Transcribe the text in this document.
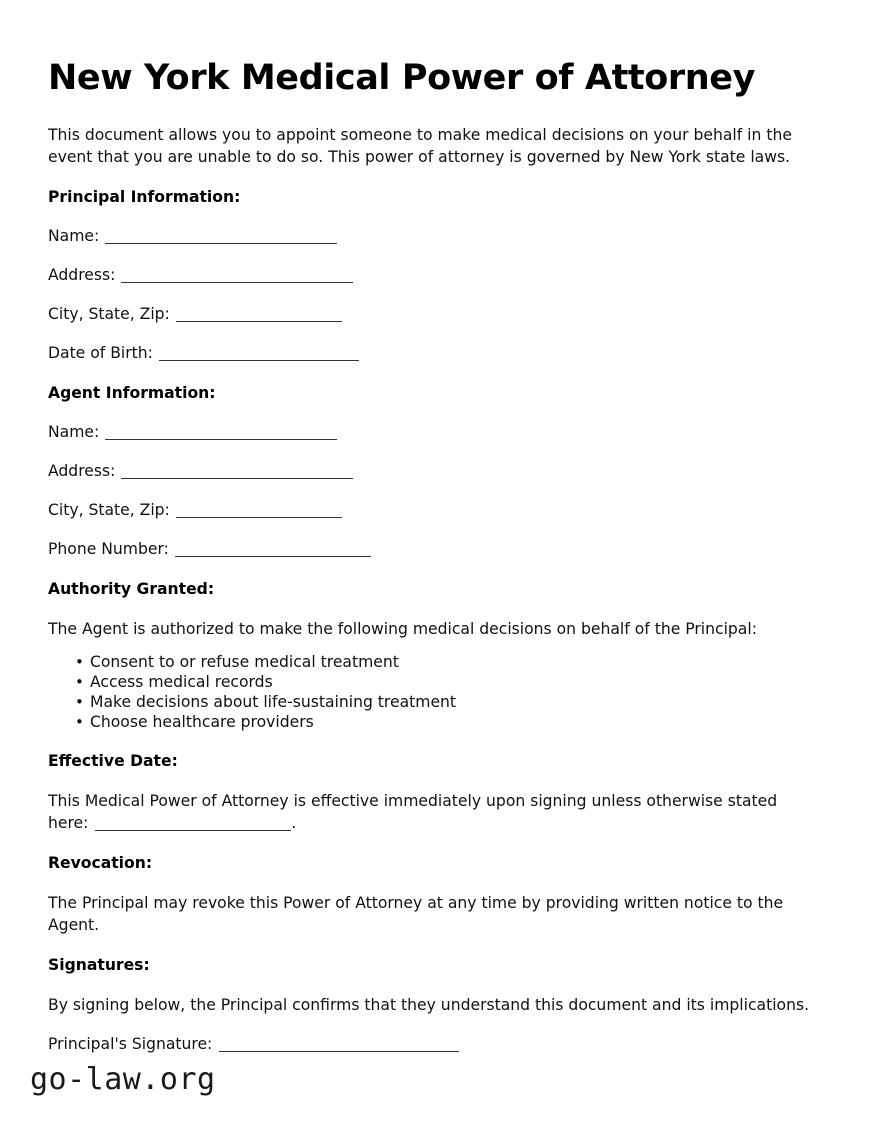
New York Medical Power of Attorney

This document allows you to appoint someone to make medical decisions on your behalf in the event that you are unable to do so. This power of attorney is governed by New York state laws.

Principal Information:

Name:

Address:

City, State, Zip:

Date of Birth:

Agent Information:

Name:

Address:

City, State, Zip:

Phone Number:

Authority Granted:

The Agent is authorized to make the following medical decisions on behalf of the Principal:

• Consent to or refuse medical treatment
• Access medical records
• Make decisions about life-sustaining treatment
• Choose healthcare providers
Effective Date:

This Medical Power of Attorney is effective immediately upon signing unless otherwise stated here:	.

Revocation:

The Principal may revoke this Power of Attorney at any time by providing written notice to the Agent.

Signatures:

By signing below, the Principal confirms that they understand this document and its implications.

Principal's Signature:

go-law.org
